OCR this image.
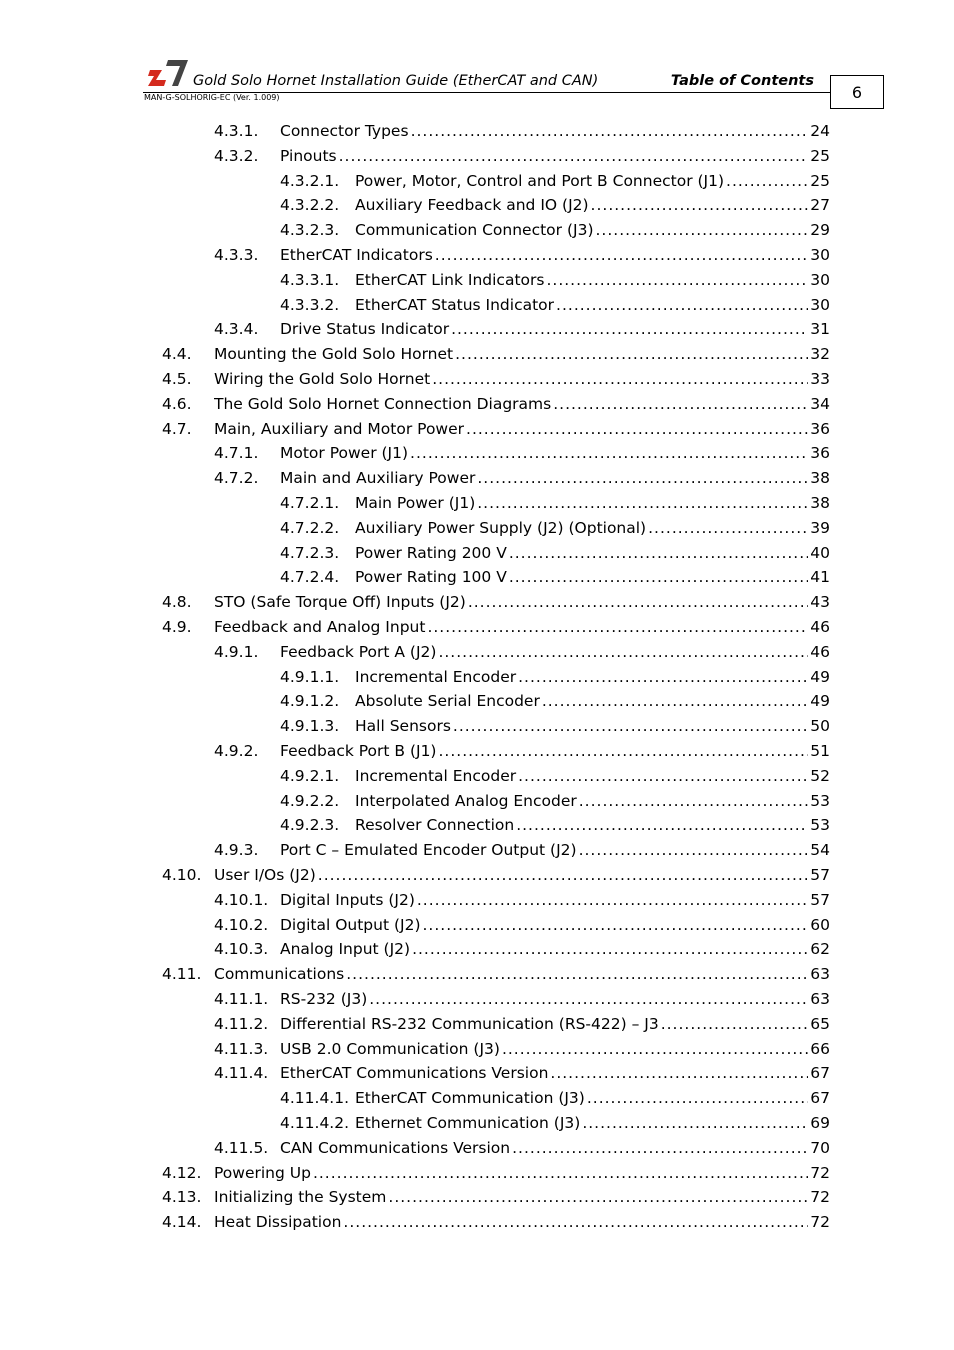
Gold Solo Hornet Installation Guide (EtherCAT and CAN)	Table of Contents
MAN-G-SOLHORIG-EC (Ver. 1.009)	6
4.3.1. Connector Types .....	24
4.3.2. Pinouts .....	25
4.3.2.1. Power, Motor, Control and Port B Connector (J1) .....	25
4.3.2.2. Auxiliary Feedback and IO (J2) .....	27
4.3.2.3. Communication Connector (J3) .....	29
4.3.3. EtherCAT Indicators .....	30
4.3.3.1. EtherCAT Link Indicators .....	30
4.3.3.2. EtherCAT Status Indicator .....	30
4.3.4. Drive Status Indicator .....	31
4.4. Mounting the Gold Solo Hornet .....	32
4.5. Wiring the Gold Solo Hornet .....	33
4.6. The Gold Solo Hornet Connection Diagrams .....	34
4.7. Main, Auxiliary and Motor Power .....	36
4.7.1. Motor Power (J1) .....	36
4.7.2. Main and Auxiliary Power .....	38
4.7.2.1. Main Power (J1) .....	38
4.7.2.2. Auxiliary Power Supply (J2) (Optional) .....	39
4.7.2.3. Power Rating 200 V .....	40
4.7.2.4. Power Rating 100 V .....	41
4.8. STO (Safe Torque Off) Inputs (J2) .....	43
4.9. Feedback and Analog Input .....	46
4.9.1. Feedback Port A (J2) .....	46
4.9.1.1. Incremental Encoder .....	49
4.9.1.2. Absolute Serial Encoder .....	49
4.9.1.3. Hall Sensors .....	50
4.9.2. Feedback Port B (J1) .....	51
4.9.2.1. Incremental Encoder .....	52
4.9.2.2. Interpolated Analog Encoder .....	53
4.9.2.3. Resolver Connection .....	53
4.9.3. Port C – Emulated Encoder Output (J2) .....	54
4.10. User I/Os (J2) .....	57
4.10.1. Digital Inputs (J2) .....	57
4.10.2. Digital Output (J2) .....	60
4.10.3. Analog Input (J2) .....	62
4.11. Communications .....	63
4.11.1. RS-232 (J3) .....	63
4.11.2. Differential RS-232 Communication (RS-422) – J3 .....	65
4.11.3. USB 2.0 Communication (J3) .....	66
4.11.4. EtherCAT Communications Version .....	67
4.11.4.1. EtherCAT Communication (J3) .....	67
4.11.4.2. Ethernet Communication (J3) .....	69
4.11.5. CAN Communications Version .....	70
4.12. Powering Up .....	72
4.13. Initializing the System .....	72
4.14. Heat Dissipation .....	72
